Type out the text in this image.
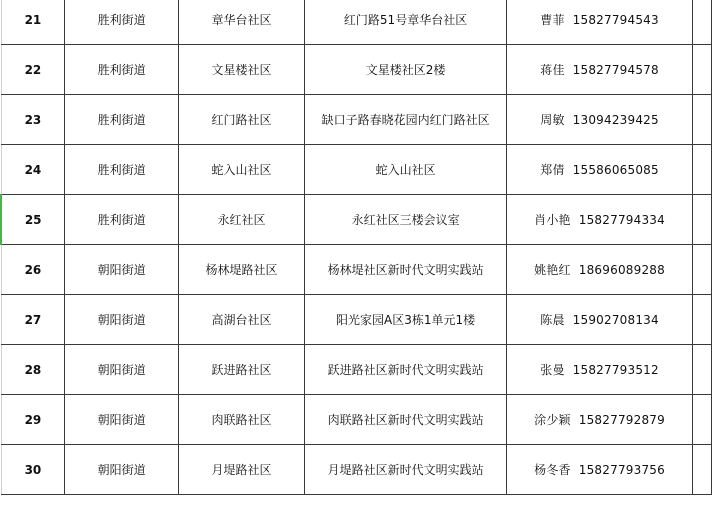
21	胜利街道	章华台社区	红门路51号章华台社区	曹菲 15827794543	
22	胜利街道	文星楼社区	文星楼社区2楼	蒋佳 15827794578	
23	胜利街道	红门路社区	缺口子路春晓花园内红门路社区	周敏 13094239425	
24	胜利街道	蛇入山社区	蛇入山社区	郑倩 15586065085	
25	胜利街道	永红社区	永红社区三楼会议室	肖小艳 15827794334	
26	朝阳街道	杨林堤路社区	杨林堤社区新时代文明实践站	姚艳红 18696089288	
27	朝阳街道	高湖台社区	阳光家园A区3栋1单元1楼	陈晨 15902708134	
28	朝阳街道	跃进路社区	跃进路社区新时代文明实践站	张曼 15827793512	
29	朝阳街道	肉联路社区	肉联路社区新时代文明实践站	涂少颖 15827792879	
30	朝阳街道	月堤路社区	月堤路社区新时代文明实践站	杨冬香 15827793756	
